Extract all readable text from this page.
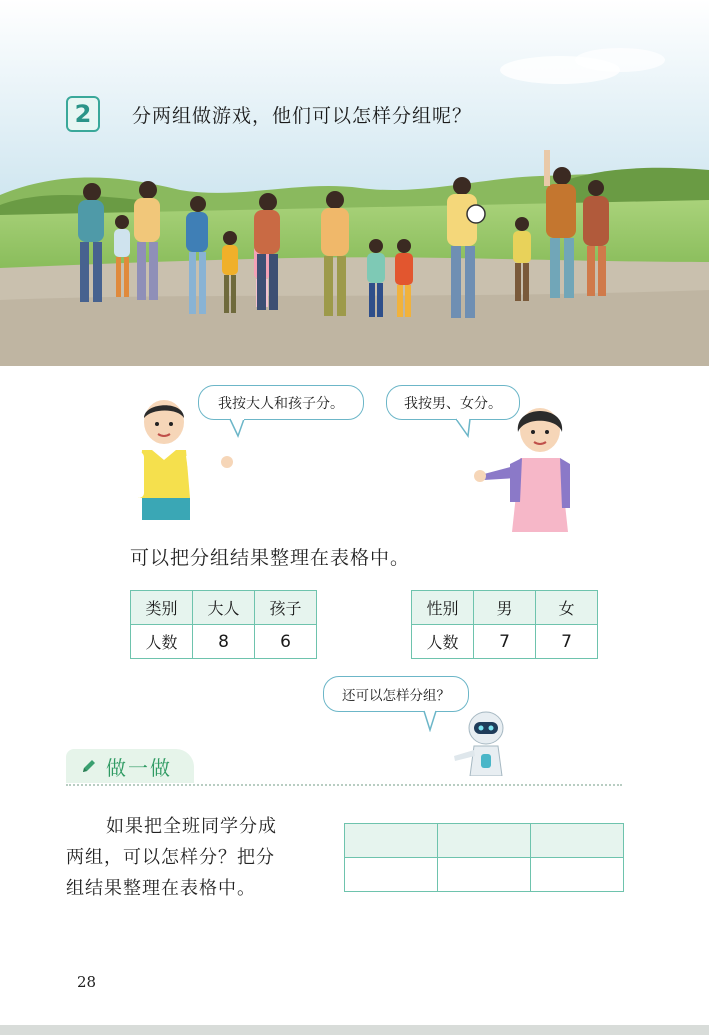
2	分两组做游戏，他们可以怎样分组呢？
我按大人和孩子分。	我按男、女分。
可以把分组结果整理在表格中。
类别	大人	孩子
人数	8	6
性别	男	女
人数	7	7
还可以怎样分组？
做一做
如果把全班同学分成
两组，可以怎样分？把分
组结果整理在表格中。

28
